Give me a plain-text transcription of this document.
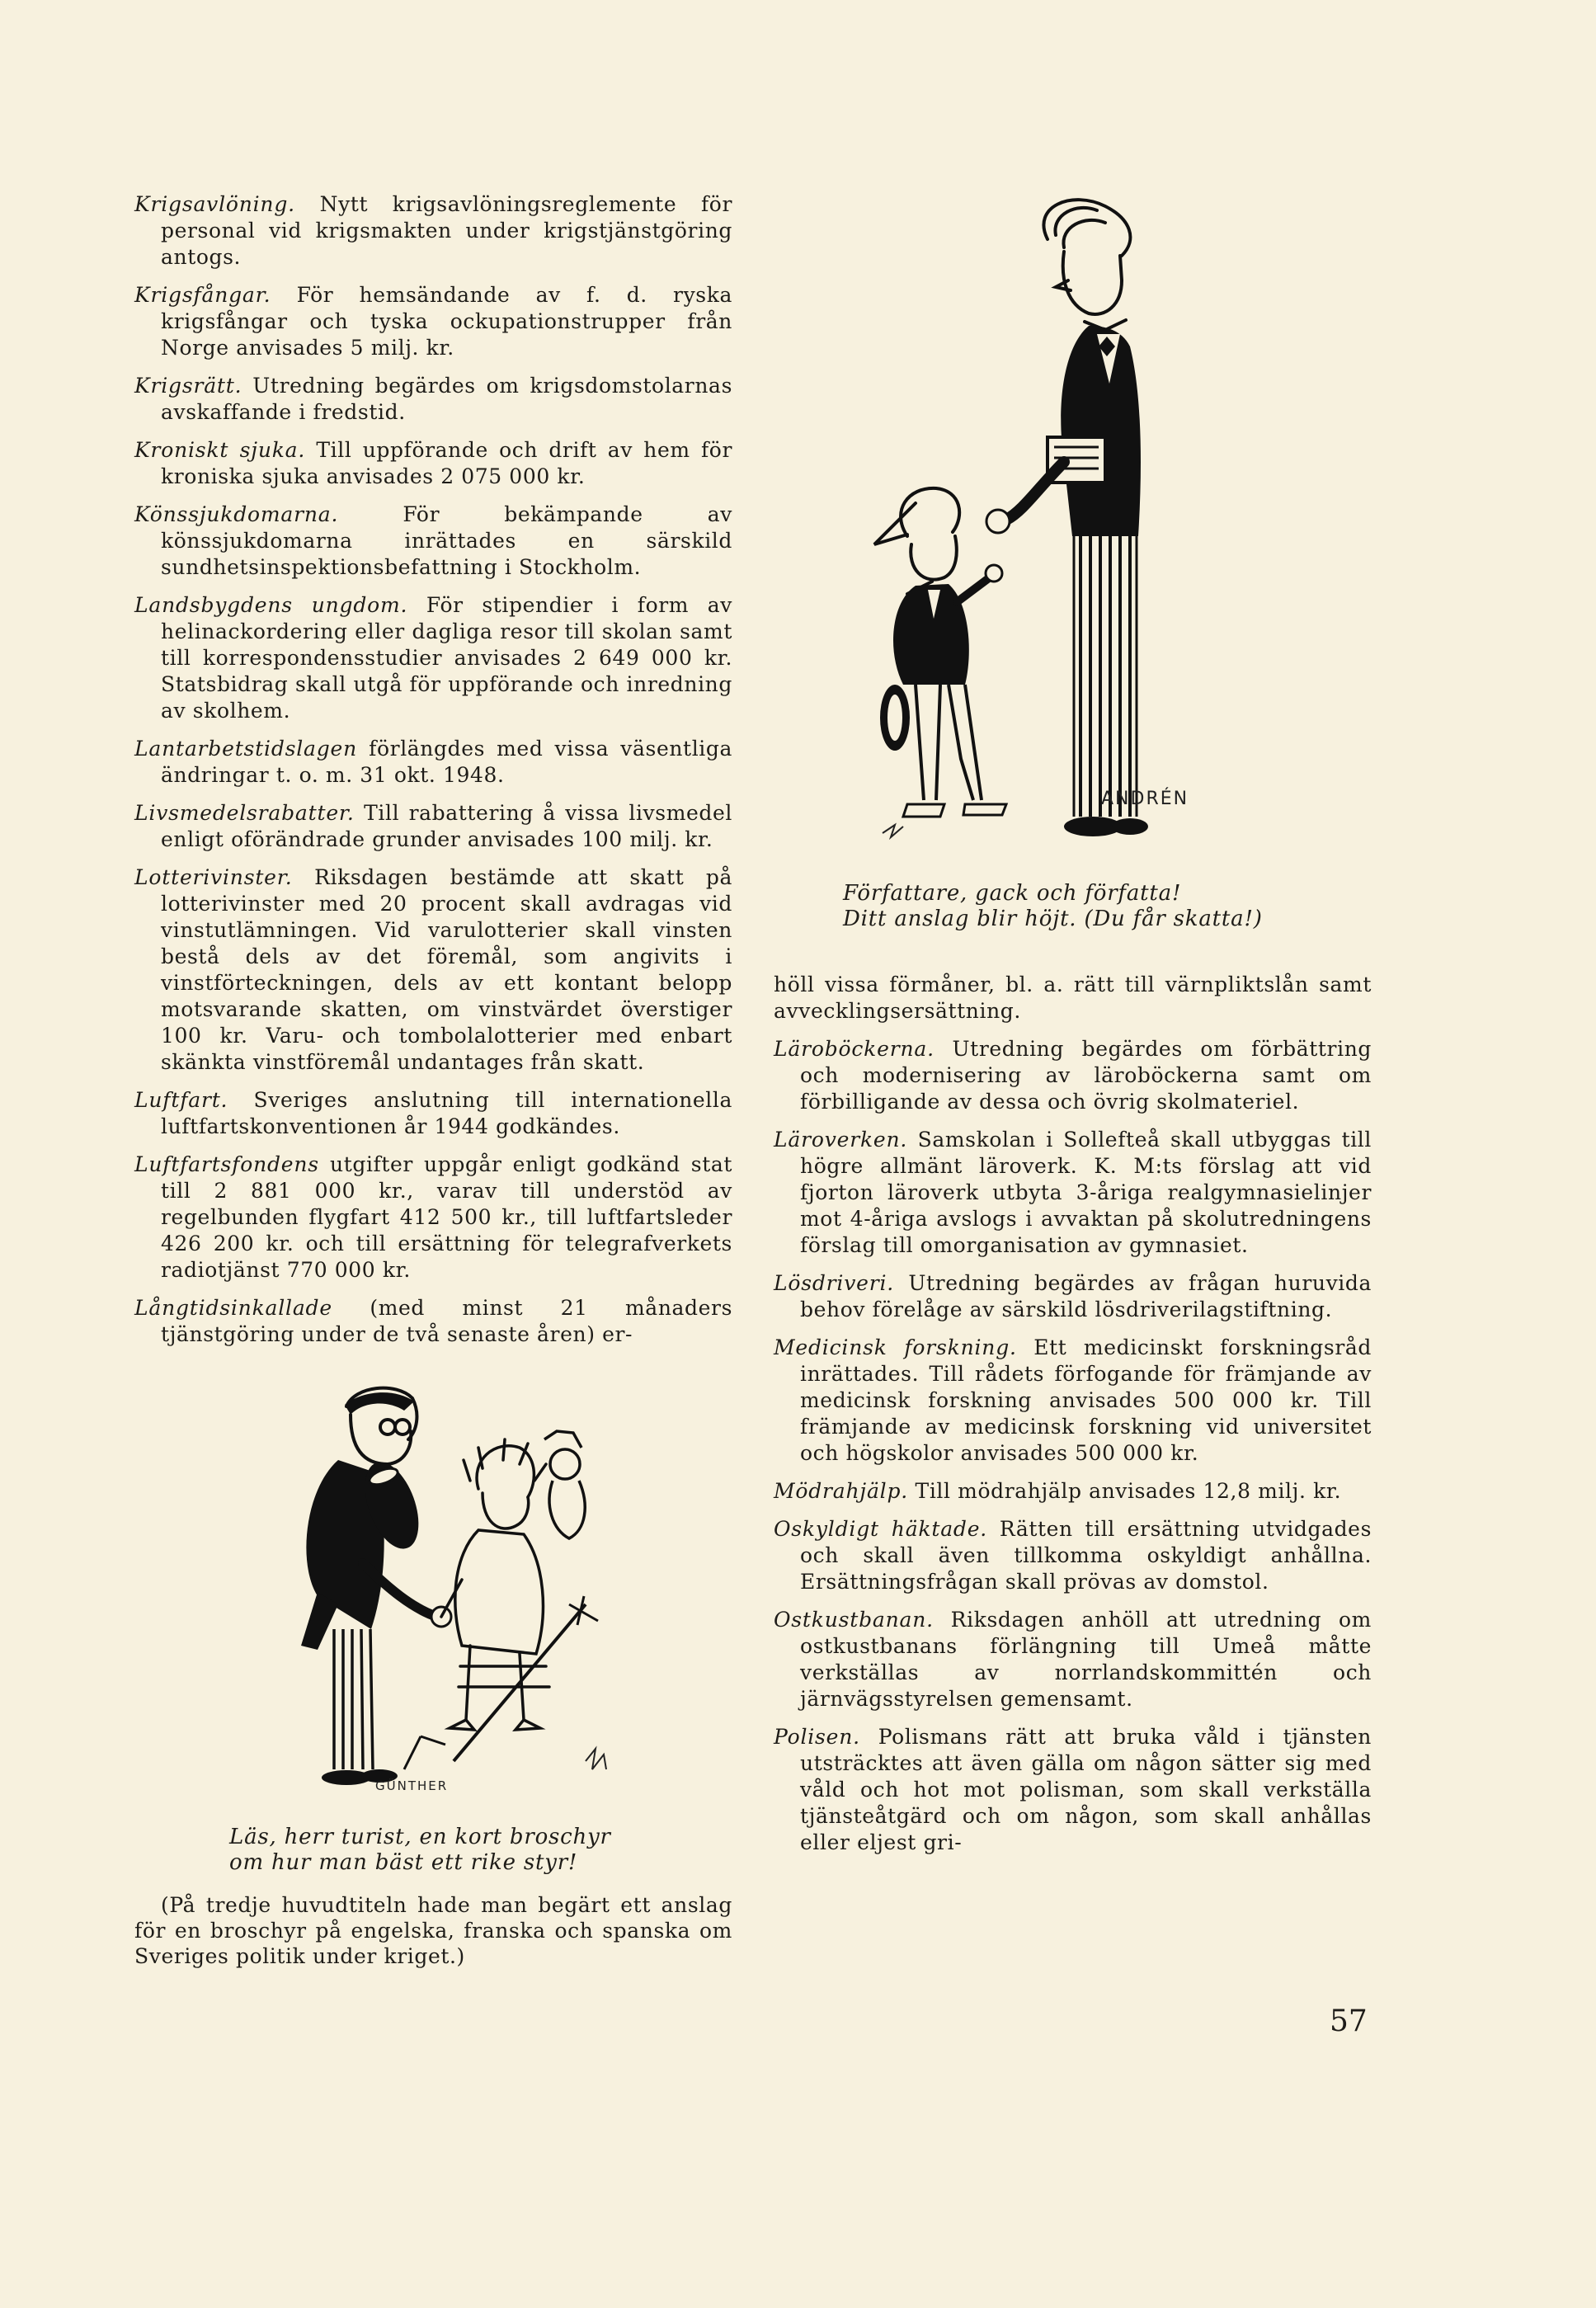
Krigsavlöning. Nytt krigsavlöningsreglemente för personal vid krigsmakten under krigstjänstgöring antogs.

Krigsfångar. För hemsändande av f. d. ryska krigsfångar och tyska ockupationstrupper från Norge anvisades 5 milj. kr.

Krigsrätt. Utredning begärdes om krigsdomstolarnas avskaffande i fredstid.

Kroniskt sjuka. Till uppförande och drift av hem för kroniska sjuka anvisades 2 075 000 kr.

Könssjukdomarna. För bekämpande av könssjukdomarna inrättades en särskild sundhetsinspektionsbefattning i Stockholm.

Landsbygdens ungdom. För stipendier i form av helinackordering eller dagliga resor till skolan samt till korrespondensstudier anvisades 2 649 000 kr. Statsbidrag skall utgå för uppförande och inredning av skolhem.

Lantarbetstidslagen förlängdes med vissa väsentliga ändringar t. o. m. 31 okt. 1948.

Livsmedelsrabatter. Till rabattering å vissa livsmedel enligt oförändrade grunder anvisades 100 milj. kr.

Lotterivinster. Riksdagen bestämde att skatt på lotterivinster med 20 procent skall avdragas vid vinstutlämningen. Vid varulotterier skall vinsten bestå dels av det föremål, som angivits i vinstförteckningen, dels av ett kontant belopp motsvarande skatten, om vinstvärdet överstiger 100 kr. Varu- och tombolalotterier med enbart skänkta vinstföremål undantages från skatt.

Luftfart. Sveriges anslutning till internationella luftfartskonventionen år 1944 godkändes.

Luftfartsfondens utgifter uppgår enligt godkänd stat till 2 881 000 kr., varav till understöd av regelbunden flygfart 412 500 kr., till luftfartsleder 426 200 kr. och till ersättning för telegrafverkets radiotjänst 770 000 kr.

Långtidsinkallade (med minst 21 månaders tjänstgöring under de två senaste åren) er-

ANDRÉN

Författare, gack och författa!
Ditt anslag blir höjt. (Du får skatta!)

höll vissa förmåner, bl. a. rätt till värnpliktslån samt avvecklingsersättning.

Läroböckerna. Utredning begärdes om förbättring och modernisering av läroböckerna samt om förbilligande av dessa och övrig skolmateriel.

Läroverken. Samskolan i Sollefteå skall utbyggas till högre allmänt läroverk. K. M:ts förslag att vid fjorton läroverk utbyta 3-åriga realgymnasielinjer mot 4-åriga avslogs i avvaktan på skolutredningens förslag till omorganisation av gymnasiet.

Lösdriveri. Utredning begärdes av frågan huruvida behov förelåge av särskild lösdriverilagstiftning.

Medicinsk forskning. Ett medicinskt forskningsråd inrättades. Till rådets förfogande för främjande av medicinsk forskning anvisades 500 000 kr. Till främjande av medicinsk forskning vid universitet och högskolor anvisades 500 000 kr.

Mödrahjälp. Till mödrahjälp anvisades 12,8 milj. kr.

Oskyldigt häktade. Rätten till ersättning utvidgades och skall även tillkomma oskyldigt anhållna. Ersättningsfrågan skall prövas av domstol.

Ostkustbanan. Riksdagen anhöll att utredning om ostkustbanans förlängning till Umeå måtte verkställas av norrlandskommittén och järnvägsstyrelsen gemensamt.

Polisen. Polismans rätt att bruka våld i tjänsten utsträcktes att även gälla om någon sätter sig med våld och hot mot polisman, som skall verkställa tjänsteåtgärd och om någon, som skall anhållas eller eljest gri-

GÜNTHER

Läs, herr turist, en kort broschyr
om hur man bäst ett rike styr!

(På tredje huvudtiteln hade man begärt ett anslag för en broschyr på engelska, franska och spanska om Sveriges politik under kriget.)

57
